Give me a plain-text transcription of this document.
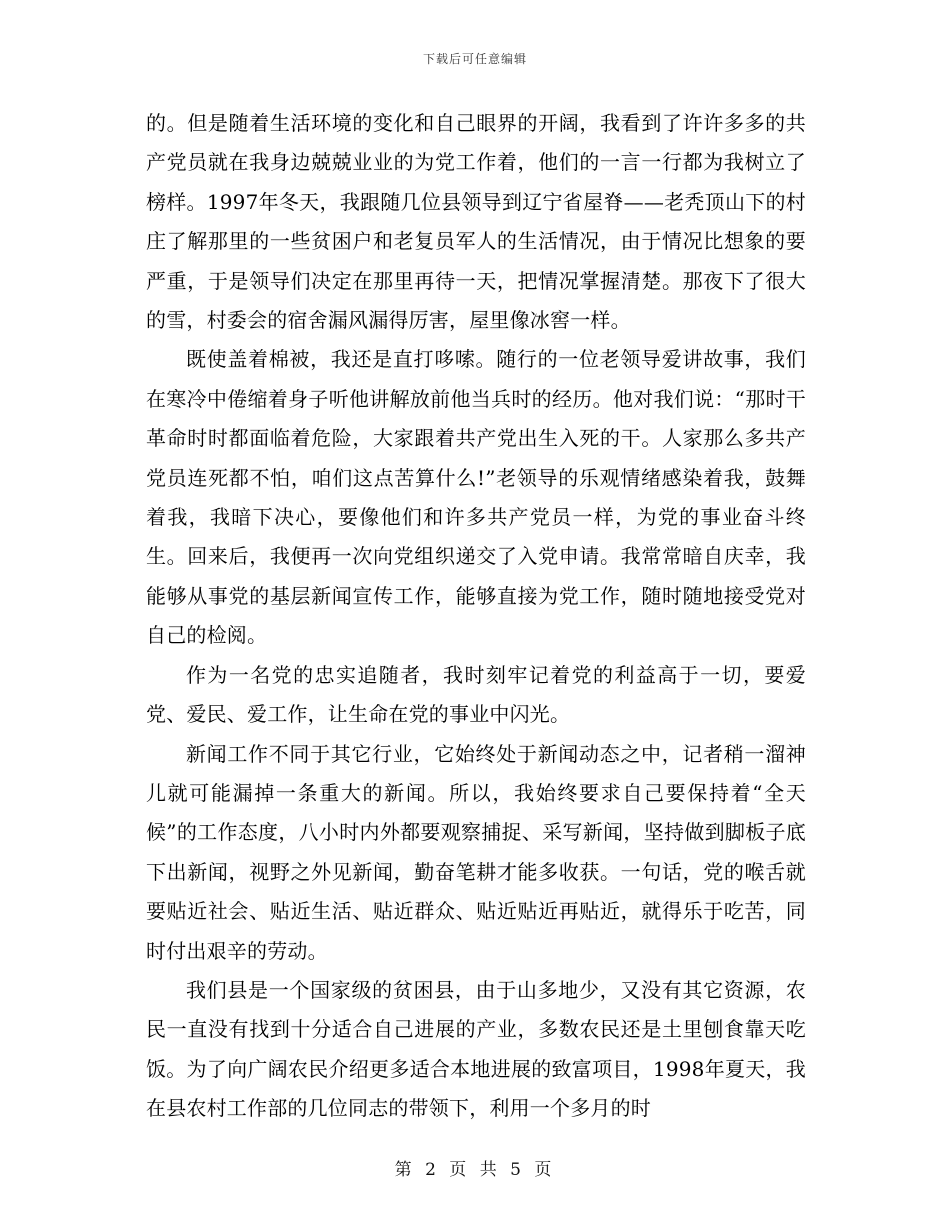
下载后可任意编辑

的。但是随着生活环境的变化和自己眼界的开阔，我看到了许许多多的共产党员就在我身边兢兢业业的为党工作着，他们的一言一行都为我树立了榜样。1997年冬天，我跟随几位县领导到辽宁省屋脊——老秃顶山下的村庄了解那里的一些贫困户和老复员军人的生活情况，由于情况比想象的要严重，于是领导们决定在那里再待一天，把情况掌握清楚。那夜下了很大的雪，村委会的宿舍漏风漏得厉害，屋里像冰窖一样。

既使盖着棉被，我还是直打哆嗦。随行的一位老领导爱讲故事，我们在寒冷中倦缩着身子听他讲解放前他当兵时的经历。他对我们说：“那时干革命时时都面临着危险，大家跟着共产党出生入死的干。人家那么多共产党员连死都不怕，咱们这点苦算什么!”老领导的乐观情绪感染着我，鼓舞着我，我暗下决心，要像他们和许多共产党员一样，为党的事业奋斗终生。回来后，我便再一次向党组织递交了入党申请。我常常暗自庆幸，我能够从事党的基层新闻宣传工作，能够直接为党工作，随时随地接受党对自己的检阅。

作为一名党的忠实追随者，我时刻牢记着党的利益高于一切，要爱党、爱民、爱工作，让生命在党的事业中闪光。

新闻工作不同于其它行业，它始终处于新闻动态之中，记者稍一溜神儿就可能漏掉一条重大的新闻。所以，我始终要求自己要保持着“全天候”的工作态度，八小时内外都要观察捕捉、采写新闻，坚持做到脚板子底下出新闻，视野之外见新闻，勤奋笔耕才能多收获。一句话，党的喉舌就要贴近社会、贴近生活、贴近群众、贴近贴近再贴近，就得乐于吃苦，同时付出艰辛的劳动。

我们县是一个国家级的贫困县，由于山多地少，又没有其它资源，农民一直没有找到十分适合自己进展的产业，多数农民还是土里刨食靠天吃饭。为了向广阔农民介绍更多适合本地进展的致富项目，1998年夏天，我在县农村工作部的几位同志的带领下，利用一个多月的时

第 2 页 共 5 页
